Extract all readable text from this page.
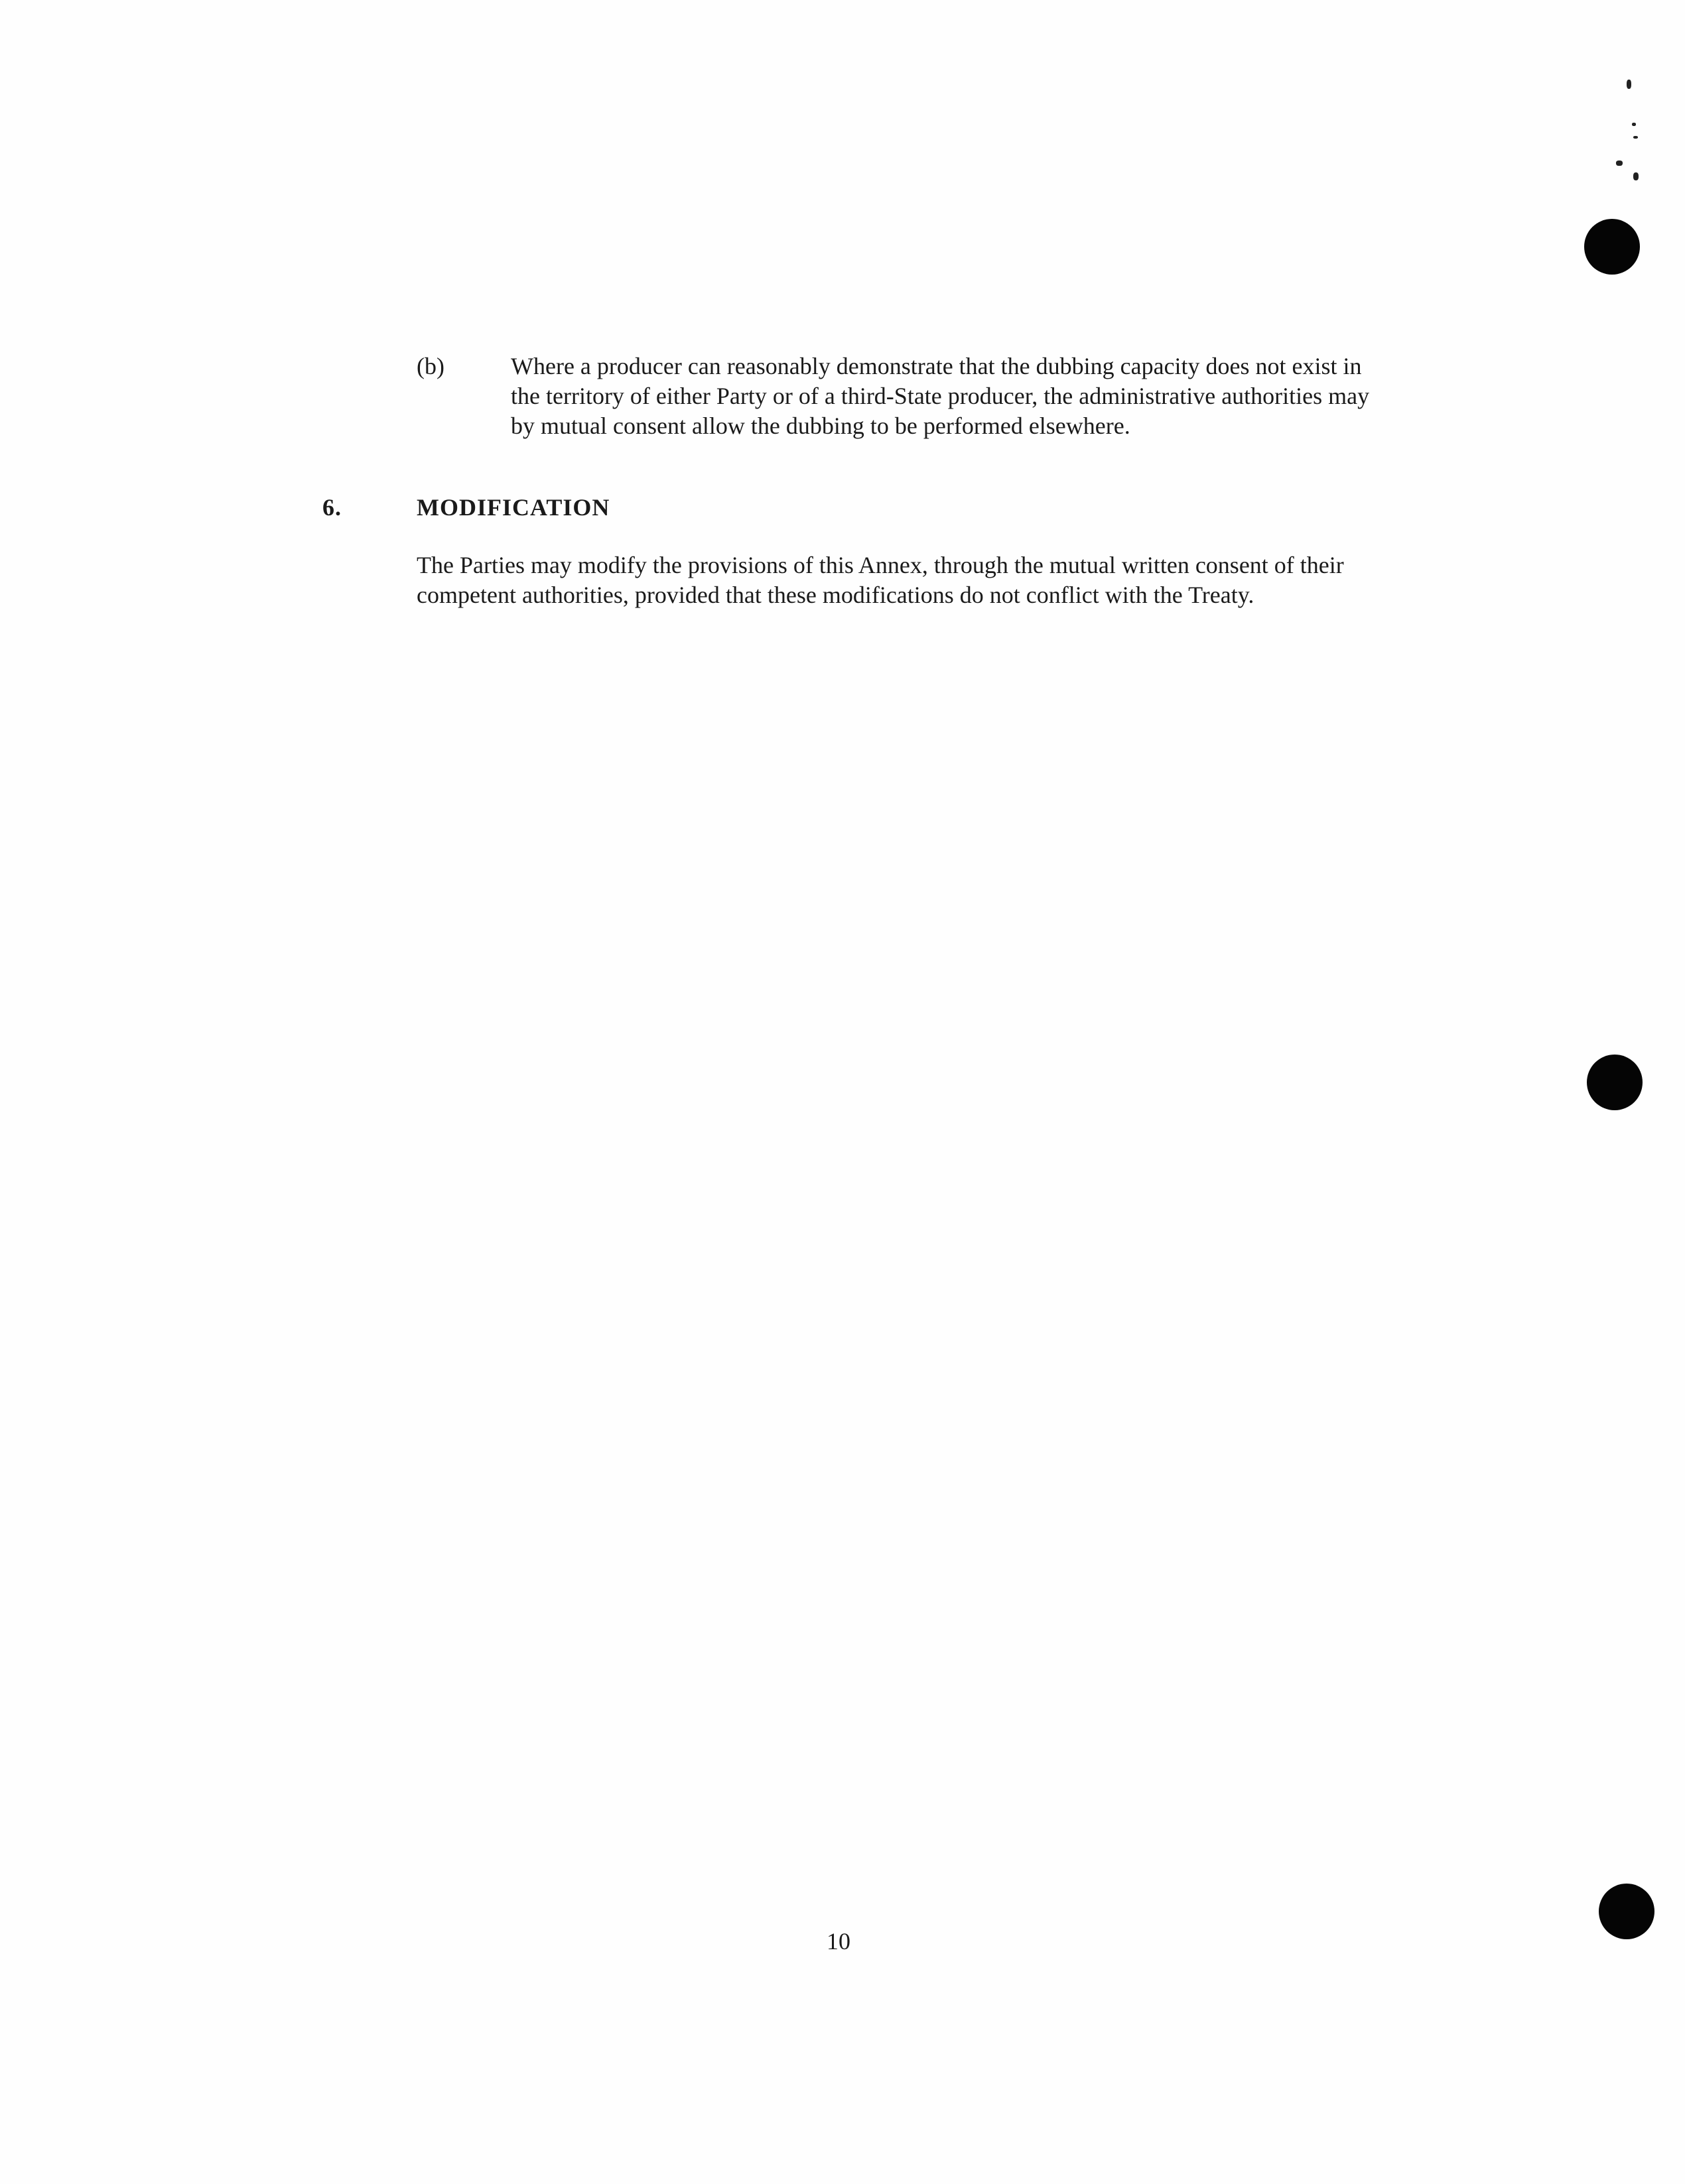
(b)	Where a producer can reasonably demonstrate that the dubbing capacity does not exist in the territory of either Party or of a third-State producer, the administrative authorities may by mutual consent allow the dubbing to be performed elsewhere.

6.	MODIFICATION

The Parties may modify the provisions of this Annex, through the mutual written consent of their competent authorities, provided that these modifications do not conflict with the Treaty.

10
